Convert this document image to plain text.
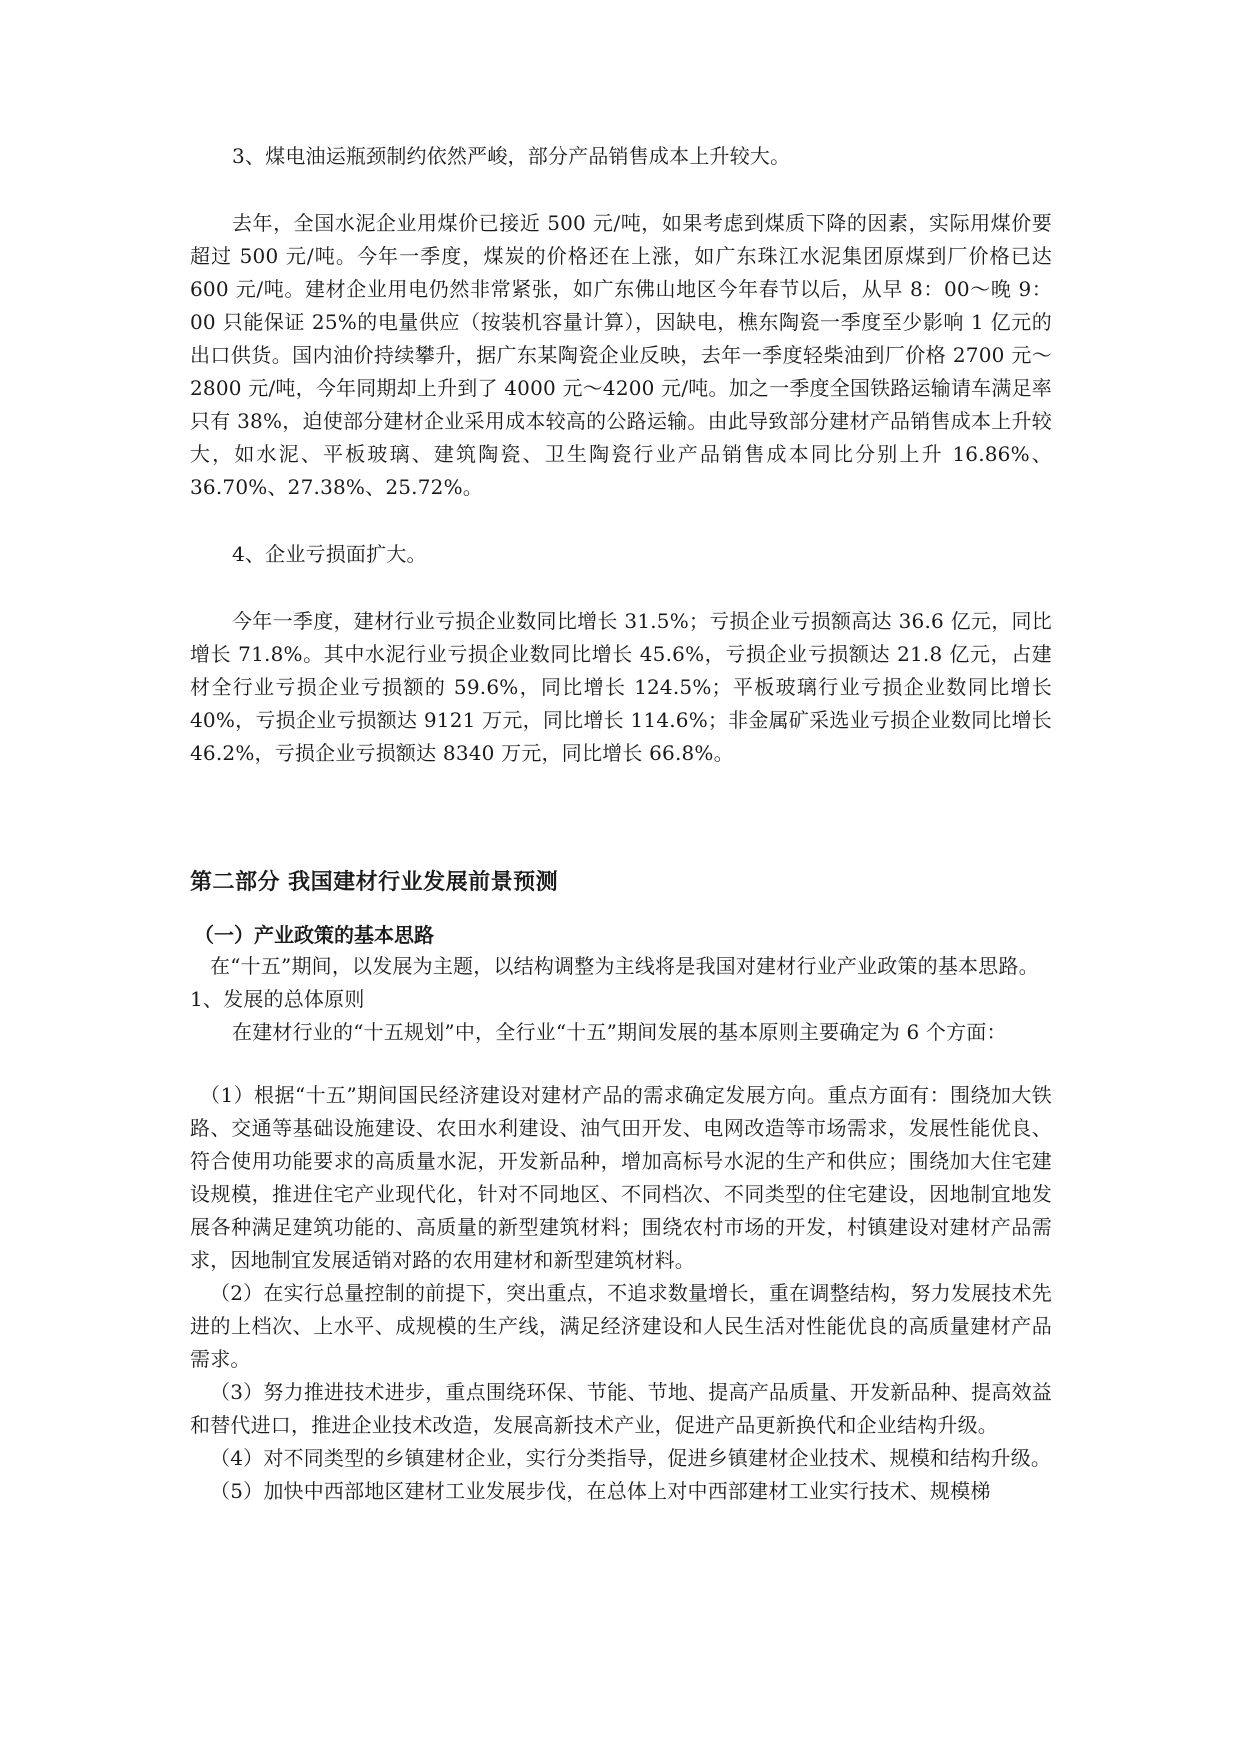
3、煤电油运瓶颈制约依然严峻，部分产品销售成本上升较大。

去年，全国水泥企业用煤价已接近 500 元/吨，如果考虑到煤质下降的因素，实际用煤价要超过 500 元/吨。今年一季度，煤炭的价格还在上涨，如广东珠江水泥集团原煤到厂价格已达 600 元/吨。建材企业用电仍然非常紧张，如广东佛山地区今年春节以后，从早 8：00～晚 9：00 只能保证 25%的电量供应（按装机容量计算），因缺电，樵东陶瓷一季度至少影响 1 亿元的出口供货。国内油价持续攀升，据广东某陶瓷企业反映，去年一季度轻柴油到厂价格 2700 元～2800 元/吨，今年同期却上升到了 4000 元～4200 元/吨。加之一季度全国铁路运输请车满足率只有 38%，迫使部分建材企业采用成本较高的公路运输。由此导致部分建材产品销售成本上升较大，如水泥、平板玻璃、建筑陶瓷、卫生陶瓷行业产品销售成本同比分别上升 16.86%、36.70%、27.38%、25.72%。

4、企业亏损面扩大。

今年一季度，建材行业亏损企业数同比增长 31.5%；亏损企业亏损额高达 36.6 亿元，同比增长 71.8%。其中水泥行业亏损企业数同比增长 45.6%，亏损企业亏损额达 21.8 亿元，占建材全行业亏损企业亏损额的 59.6%，同比增长 124.5%；平板玻璃行业亏损企业数同比增长 40%，亏损企业亏损额达 9121 万元，同比增长 114.6%；非金属矿采选业亏损企业数同比增长 46.2%，亏损企业亏损额达 8340 万元，同比增长 66.8%。

第二部分 我国建材行业发展前景预测
（一）产业政策的基本思路

在“十五”期间，以发展为主题，以结构调整为主线将是我国对建材行业产业政策的基本思路。

1、发展的总体原则

在建材行业的“十五规划”中，全行业“十五”期间发展的基本原则主要确定为 6 个方面：

（1）根据“十五”期间国民经济建设对建材产品的需求确定发展方向。重点方面有：围绕加大铁路、交通等基础设施建设、农田水利建设、油气田开发、电网改造等市场需求，发展性能优良、符合使用功能要求的高质量水泥，开发新品种，增加高标号水泥的生产和供应；围绕加大住宅建设规模，推进住宅产业现代化，针对不同地区、不同档次、不同类型的住宅建设，因地制宜地发展各种满足建筑功能的、高质量的新型建筑材料；围绕农村市场的开发，村镇建设对建材产品需求，因地制宜发展适销对路的农用建材和新型建筑材料。

（2）在实行总量控制的前提下，突出重点，不追求数量增长，重在调整结构，努力发展技术先进的上档次、上水平、成规模的生产线，满足经济建设和人民生活对性能优良的高质量建材产品需求。

（3）努力推进技术进步，重点围绕环保、节能、节地、提高产品质量、开发新品种、提高效益和替代进口，推进企业技术改造，发展高新技术产业，促进产品更新换代和企业结构升级。

（4）对不同类型的乡镇建材企业，实行分类指导，促进乡镇建材企业技术、规模和结构升级。

（5）加快中西部地区建材工业发展步伐，在总体上对中西部建材工业实行技术、规模梯
